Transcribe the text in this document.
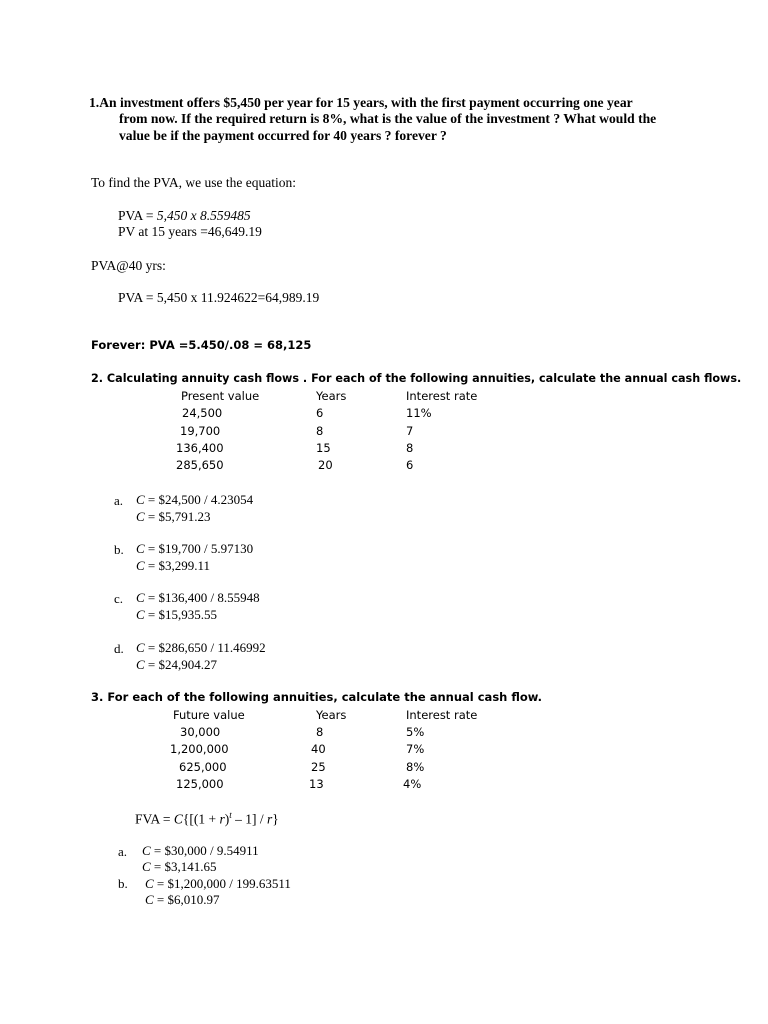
1.An investment offers $5,450 per year for 15 years, with the first payment occurring one year
from now. If the required return is 8%, what is the value of the investment ? What would the
value be if the payment occurred for 40 years ? forever ?
To find the PVA, we use the equation:
PVA = 5,450 x 8.559485
PV at 15 years =46,649.19
PVA@40 yrs:
PVA = 5,450 x 11.924622=64,989.19
Forever: PVA =5.450/.08 = 68,125
2. Calculating annuity cash flows . For each of the following annuities, calculate the annual cash flows.
Present value	Years	Interest rate
24,500	6	11%
19,700	8	7
136,400	15	8
285,650	20	6
a. C = $24,500 / 4.23054
C = $5,791.23
b. C = $19,700 / 5.97130
C = $3,299.11
c. C = $136,400 / 8.55948
C = $15,935.55
d. C = $286,650 / 11.46992
C = $24,904.27
3. For each of the following annuities, calculate the annual cash flow.
Future value	Years	Interest rate
30,000	8	5%
1,200,000	40	7%
625,000	25	8%
125,000	13	4%
FVA = $C\{[(1 + r)^t - 1] / r\}$
a. C = $30,000 / 9.54911
C = $3,141.65
b. C = $1,200,000 / 199.63511
C = $6,010.97
